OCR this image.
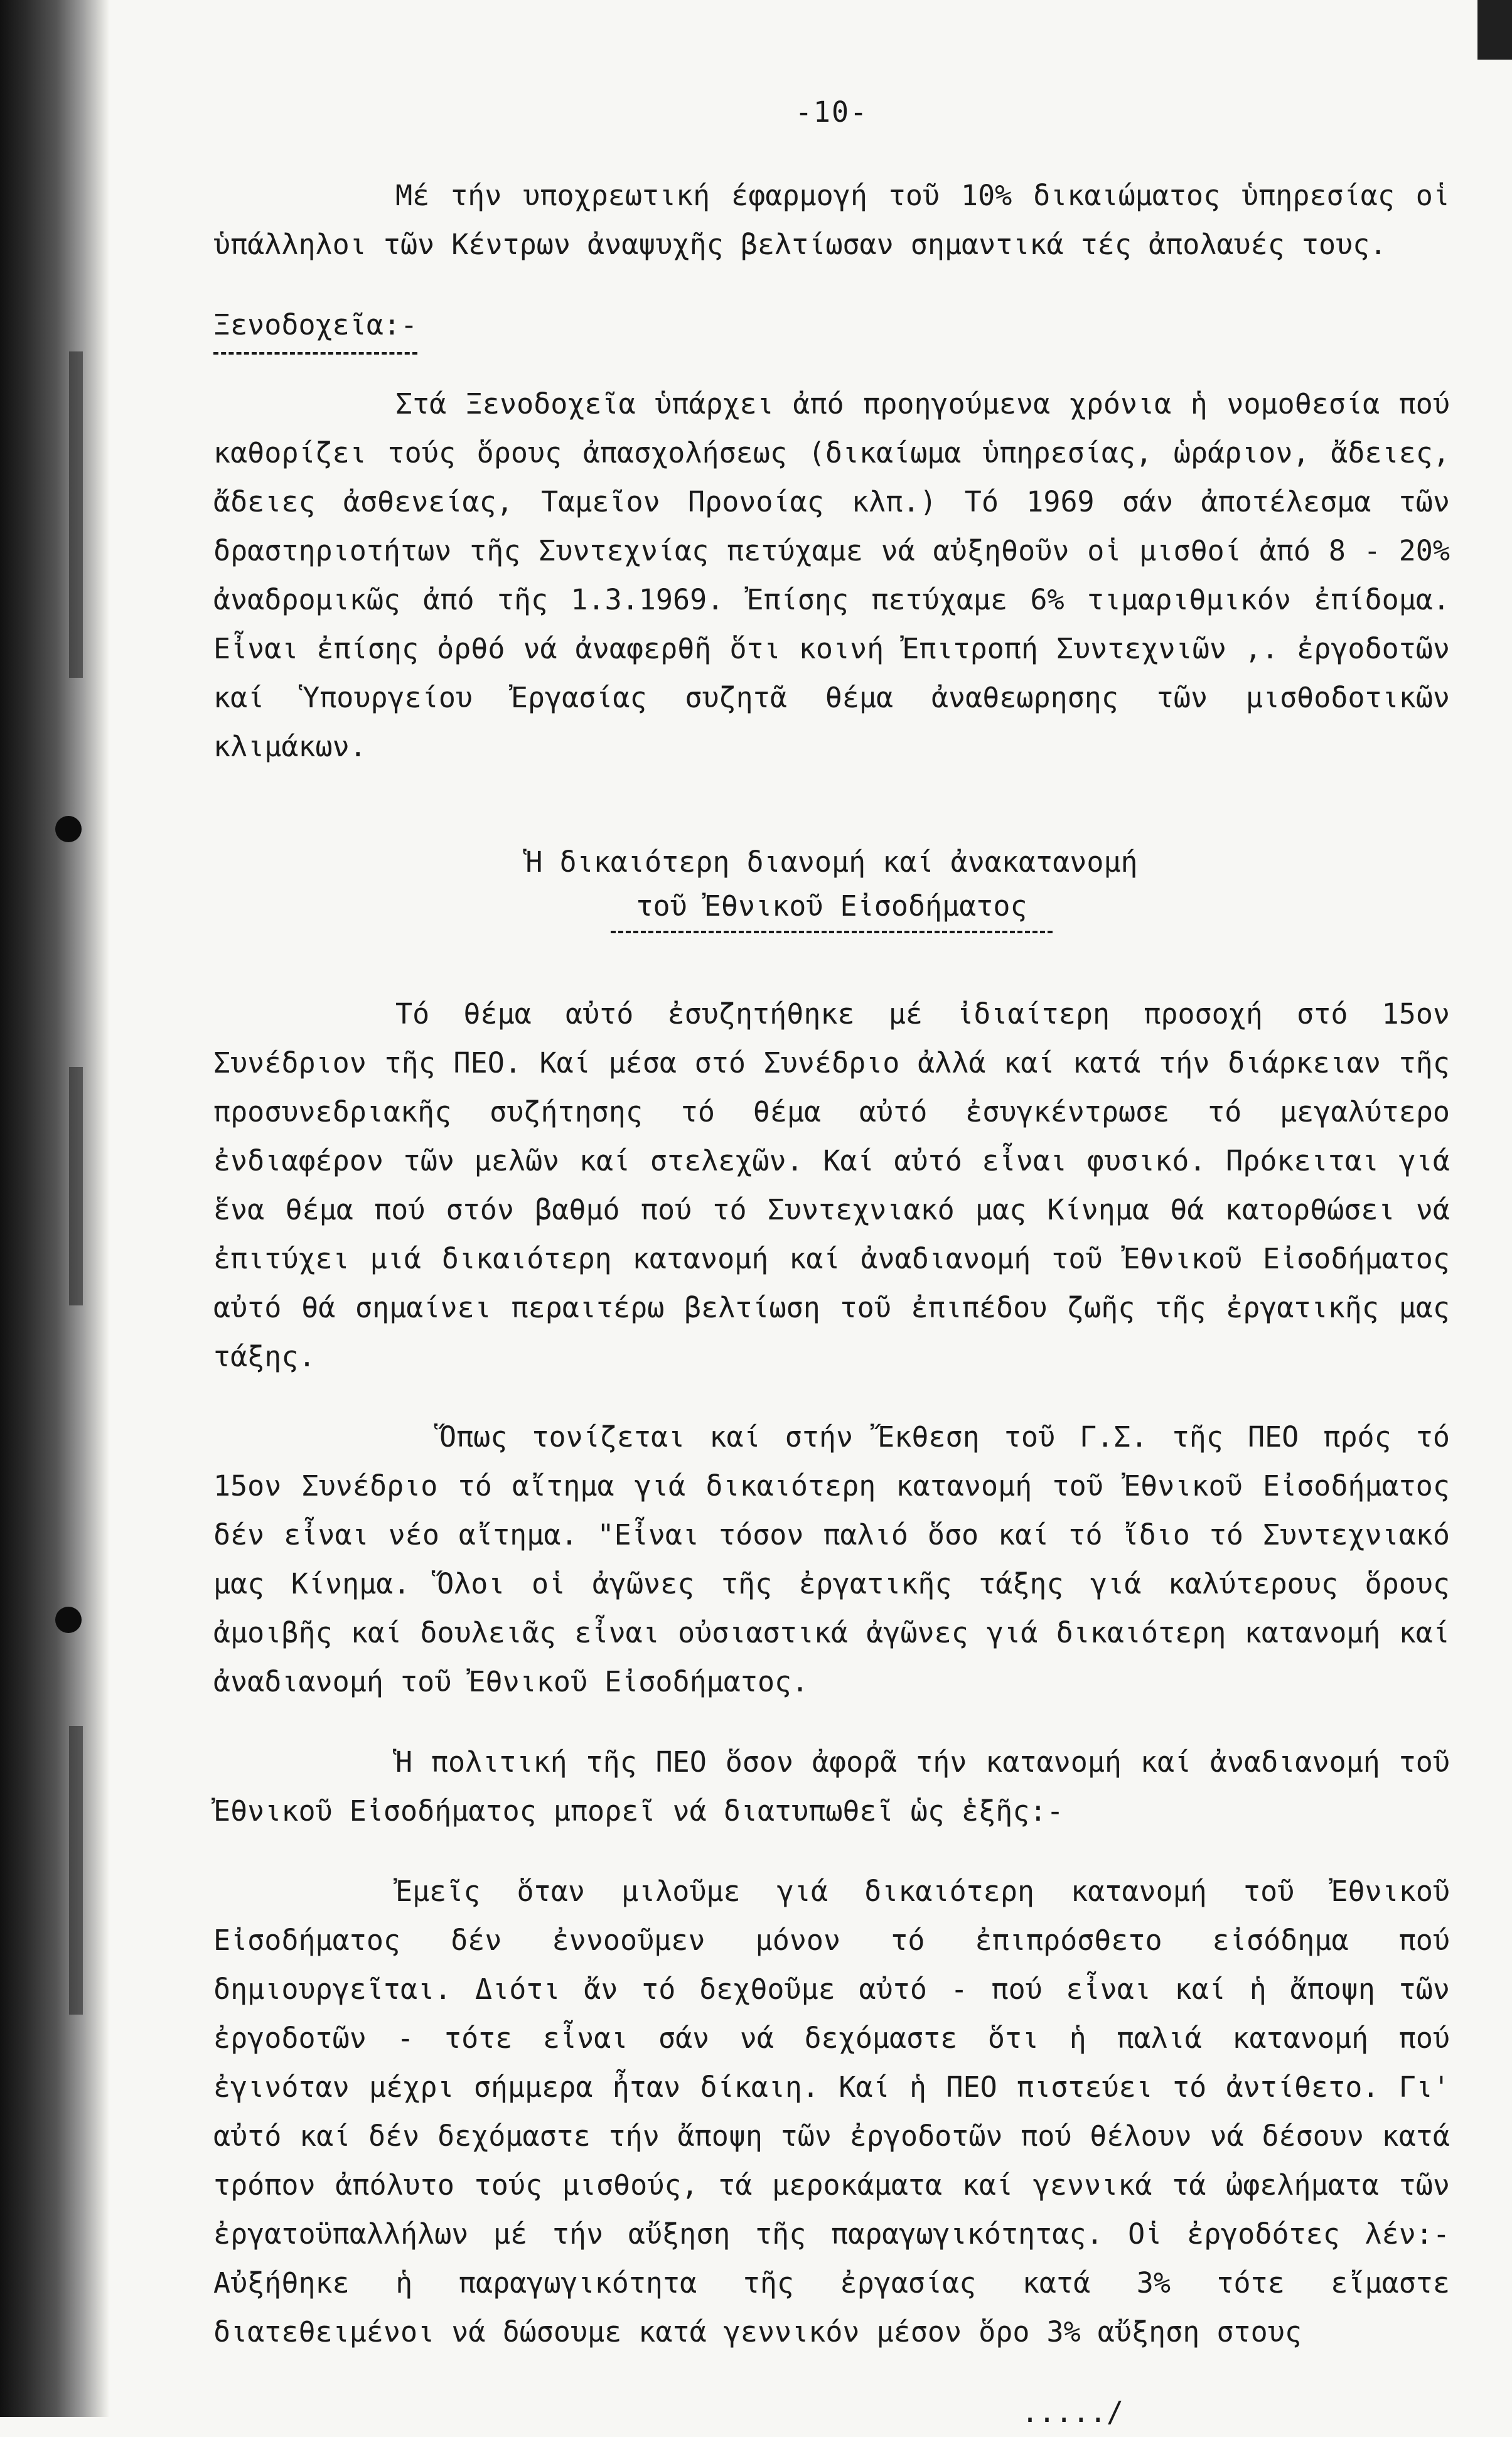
-10-

Μέ τήν υποχρεωτική έφαρμογή τοῦ 10% δικαιώματος ὑπηρεσίας οἱ ὑπάλληλοι τῶν Κέντρων ἀναψυχῆς βελτίωσαν σημαντικά τές ἀπολαυές τους.

Ξενοδοχεῖα:-

Στά Ξενοδοχεῖα ὑπάρχει ἀπό προηγούμενα χρόνια ἡ νομοθεσία πού καθορίζει τούς ὅρους ἀπασχολήσεως (δικαίωμα ὑπηρεσίας, ὡράριον, ἄδειες, ἄδειες ἀσθενείας, Ταμεῖον Προνοίας κλπ.) Τό 1969 σάν ἀποτέλεσμα τῶν δραστηριοτήτων τῆς Συντεχνίας πετύχαμε νά αὐξηθοῦν οἱ μισθοί ἀπό 8 - 20% ἀναδρομικῶς ἀπό τῆς 1.3.1969. Ἐπίσης πετύχαμε 6% τιμαριθμικόν ἐπίδομα. Εἶναι ἐπίσης ὀρθό νά ἀναφερθῆ ὅτι κοινή Ἐπιτροπή Συντεχνιῶν ,. ἐργοδοτῶν καί Ὑπουργείου Ἐργασίας συζητᾶ θέμα ἀναθεωρησης τῶν μισθοδοτικῶν κλιμάκων.

Ἡ δικαιότερη διανομή καί ἀνακατανομή
τοῦ Ἐθνικοῦ Εἰσοδήματος

Τό θέμα αὐτό ἐσυζητήθηκε μέ ἰδιαίτερη προσοχή στό 15ον Συνέδριον τῆς ΠΕΟ. Καί μέσα στό Συνέδριο ἀλλά καί κατά τήν διάρκειαν τῆς προσυνεδριακῆς συζήτησης τό θέμα αὐτό ἐσυγκέντρωσε τό μεγαλύτερο ἐνδιαφέρον τῶν μελῶν καί στελεχῶν. Καί αὐτό εἶναι φυσικό. Πρόκειται γιά ἕνα θέμα πού στόν βαθμό πού τό Συντεχνιακό μας Κίνημα θά κατορθώσει νά ἐπιτύχει μιά δικαιότερη κατανομή καί ἀναδιανομή τοῦ Ἐθνικοῦ Εἰσοδήματος αὐτό θά σημαίνει περαιτέρω βελτίωση τοῦ ἐπιπέδου ζωῆς τῆς ἐργατικῆς μας τάξης.

Ὅπως τονίζεται καί στήν Ἔκθεση τοῦ Γ.Σ. τῆς ΠΕΟ πρός τό 15ον Συνέδριο τό αἴτημα γιά δικαιότερη κατανομή τοῦ Ἐθνικοῦ Εἰσοδήματος δέν εἶναι νέο αἴτημα. "Εἶναι τόσον παλιό ὅσο καί τό ἴδιο τό Συντεχνιακό μας Κίνημα. Ὅλοι οἱ ἀγῶνες τῆς ἐργατικῆς τάξης γιά καλύτερους ὅρους ἀμοιβῆς καί δουλειᾶς εἶναι οὐσιαστικά ἀγῶνες γιά δικαιότερη κατανομή καί ἀναδιανομή τοῦ Ἐθνικοῦ Εἰσοδήματος.

Ἡ πολιτική τῆς ΠΕΟ ὅσον ἀφορᾶ τήν κατανομή καί ἀναδιανομή τοῦ Ἐθνικοῦ Εἰσοδήματος μπορεῖ νά διατυπωθεῖ ὡς ἑξῆς:-

Ἐμεῖς ὅταν μιλοῦμε γιά δικαιότερη κατανομή τοῦ Ἐθνικοῦ Εἰσοδήματος δέν ἐννοοῦμεν μόνον τό ἐπιπρόσθετο εἰσόδημα πού δημιουργεῖται. Διότι ἄν τό δεχθοῦμε αὐτό - πού εἶναι καί ἡ ἄποψη τῶν ἐργοδοτῶν - τότε εἶναι σάν νά δεχόμαστε ὅτι ἡ παλιά κατανομή πού ἐγινόταν μέχρι σήμμερα ἦταν δίκαιη. Καί ἡ ΠΕΟ πιστεύει τό ἀντίθετο. Γι' αὐτό καί δέν δεχόμαστε τήν ἄποψη τῶν ἐργοδοτῶν πού θέλουν νά δέσουν κατά τρόπον ἀπόλυτο τούς μισθούς, τά μεροκάματα καί γεννικά τά ὠφελήματα τῶν ἐργατοϋπαλλήλων μέ τήν αὔξηση τῆς παραγωγικότητας. Οἱ ἐργοδότες λέν:- Αὐξήθηκε ἡ παραγωγικότητα τῆς ἐργασίας κατά 3% τότε εἴμαστε διατεθειμένοι νά δώσουμε κατά γεννικόν μέσον ὅρο 3% αὔξηση στους

...../
